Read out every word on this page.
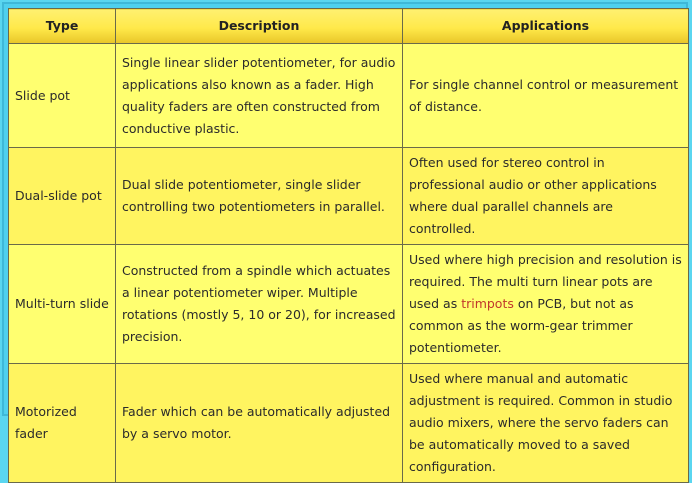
Type	Description	Applications
Slide pot	Single linear slider potentiometer, for audio applications also known as a fader. High quality faders are often constructed from conductive plastic.	For single channel control or measurement of distance.
Dual-slide pot	Dual slide potentiometer, single slider controlling two potentiometers in parallel.	Often used for stereo control in professional audio or other applications where dual parallel channels are controlled.
Multi-turn slide	Constructed from a spindle which actuates a linear potentiometer wiper. Multiple rotations (mostly 5, 10 or 20), for increased precision.	Used where high precision and resolution is required. The multi turn linear pots are used as trimpots on PCB, but not as common as the worm-gear trimmer potentiometer.
Motorized fader	Fader which can be automatically adjusted by a servo motor.	Used where manual and automatic adjustment is required. Common in studio audio mixers, where the servo faders can be automatically moved to a saved configuration.
